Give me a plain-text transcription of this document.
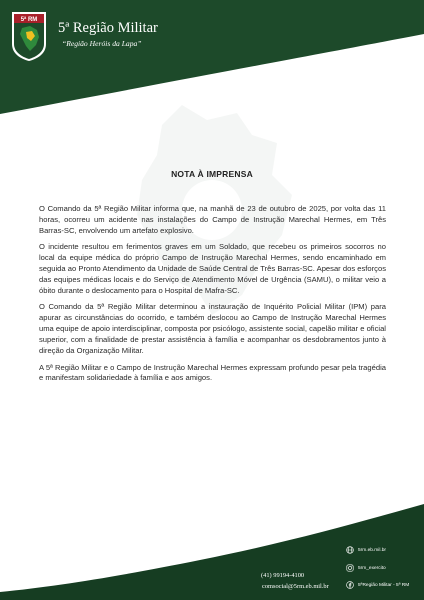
5ª RM 5ª Região Militar
“Região Heróis da Lapa”
NOTA À IMPRENSA

O Comando da 5ª Região Militar informa que, na manhã de 23 de outubro de 2025, por volta das 11 horas, ocorreu um acidente nas instalações do Campo de Instrução Marechal Hermes, em Três Barras-SC, envolvendo um artefato explosivo.

O incidente resultou em ferimentos graves em um Soldado, que recebeu os primeiros socorros no local da equipe médica do próprio Campo de Instrução Marechal Hermes, sendo encaminhado em seguida ao Pronto Atendimento da Unidade de Saúde Central de Três Barras-SC. Apesar dos esforços das equipes médicas locais e do Serviço de Atendimento Móvel de Urgência (SAMU), o militar veio a óbito durante o deslocamento para o Hospital de Mafra-SC.

O Comando da 5ª Região Militar determinou a instauração de Inquérito Policial Militar (IPM) para apurar as circunstâncias do ocorrido, e também deslocou ao Campo de Instrução Marechal Hermes uma equipe de apoio interdisciplinar, composta por psicólogo, assistente social, capelão militar e oficial superior, com a finalidade de prestar assistência à família e acompanhar os desdobramentos junto à direção da Organização Militar.

A 5ª Região Militar e o Campo de Instrução Marechal Hermes expressam profundo pesar pela tragédia e manifestam solidariedade à família e aos amigos.

(41) 99194-4100
comsocial@5rm.eb.mil.br
5rm.eb.mil.br
5rm_exercito
5ªRegião Militar - 5ª RM
